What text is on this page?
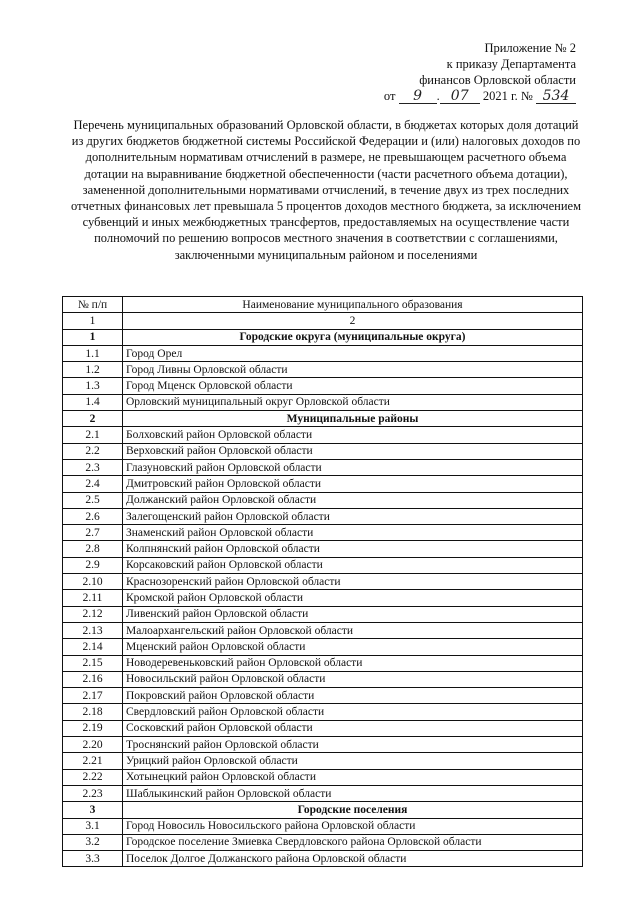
Приложение № 2
к приказу Департамента
финансов Орловской области
от 9 . 07 2021 г. № 534
Перечень муниципальных образований Орловской области, в бюджетах которых доля дотаций из других бюджетов бюджетной системы Российской Федерации и (или) налоговых доходов по дополнительным нормативам отчислений в размере, не превышающем расчетного объема дотации на выравнивание бюджетной обеспеченности (части расчетного объема дотации), замененной дополнительными нормативами отчислений, в течение двух из трех последних отчетных финансовых лет превышала 5 процентов доходов местного бюджета, за исключением субвенций и иных межбюджетных трансфертов, предоставляемых на осуществление части полномочий по решению вопросов местного значения в соответствии с соглашениями, заключенными муниципальным районом и поселениями
№ п/п	Наименование муниципального образования
1	2
1	Городские округа (муниципальные округа)
1.1	Город Орел
1.2	Город Ливны Орловской области
1.3	Город Мценск Орловской области
1.4	Орловский муниципальный округ Орловской области
2	Муниципальные районы
2.1	Болховский район Орловской области
2.2	Верховский район Орловской области
2.3	Глазуновский район Орловской области
2.4	Дмитровский район Орловской области
2.5	Должанский район Орловской области
2.6	Залегощенский район Орловской области
2.7	Знаменский район Орловской области
2.8	Колпнянский район Орловской области
2.9	Корсаковский район Орловской области
2.10	Краснозоренский район Орловской области
2.11	Кромской район Орловской области
2.12	Ливенский район Орловской области
2.13	Малоархангельский район Орловской области
2.14	Мценский район Орловской области
2.15	Новодеревеньковский район Орловской области
2.16	Новосильский район Орловской области
2.17	Покровский район Орловской области
2.18	Свердловский район Орловской области
2.19	Сосковский район Орловской области
2.20	Троснянский район Орловской области
2.21	Урицкий район Орловской области
2.22	Хотынецкий район Орловской области
2.23	Шаблыкинский район Орловской области
3	Городские поселения
3.1	Город Новосиль Новосильского района Орловской области
3.2	Городское поселение Змиевка Свердловского района Орловской области
3.3	Поселок Долгое Должанского района Орловской области
